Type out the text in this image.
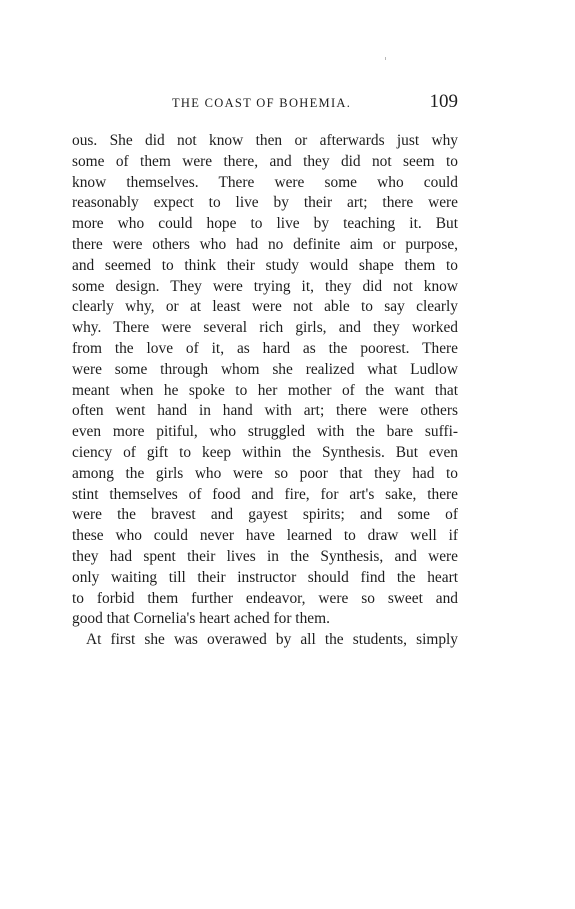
THE COAST OF BOHEMIA.	109
ous. She did not know then or afterwards just why
some of them were there, and they did not seem to
know themselves. There were some who could
reasonably expect to live by their art; there were
more who could hope to live by teaching it. But
there were others who had no definite aim or purpose,
and seemed to think their study would shape them to
some design. They were trying it, they did not know
clearly why, or at least were not able to say clearly
why. There were several rich girls, and they worked
from the love of it, as hard as the poorest. There
were some through whom she realized what Ludlow
meant when he spoke to her mother of the want that
often went hand in hand with art; there were others
even more pitiful, who struggled with the bare suffi-
ciency of gift to keep within the Synthesis. But even
among the girls who were so poor that they had to
stint themselves of food and fire, for art's sake, there
were the bravest and gayest spirits; and some of
these who could never have learned to draw well if
they had spent their lives in the Synthesis, and were
only waiting till their instructor should find the heart
to forbid them further endeavor, were so sweet and
good that Cornelia's heart ached for them.
At first she was overawed by all the students, simply
